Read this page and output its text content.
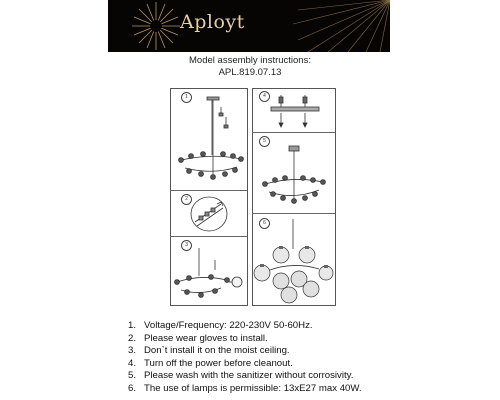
Aployt
Model assembly instructions:
APL.819.07.13
1
2
3
4
5
6
1. Voltage/Frequency: 220-230V 50-60Hz.
2. Please wear gloves to install.
3. Don`t install it on the moist ceiling.
4. Turn off the power before cleanout.
5. Please wash with the sanitizer without corrosivity.
6. The use of lamps is permissible: 13xE27 max 40W.
